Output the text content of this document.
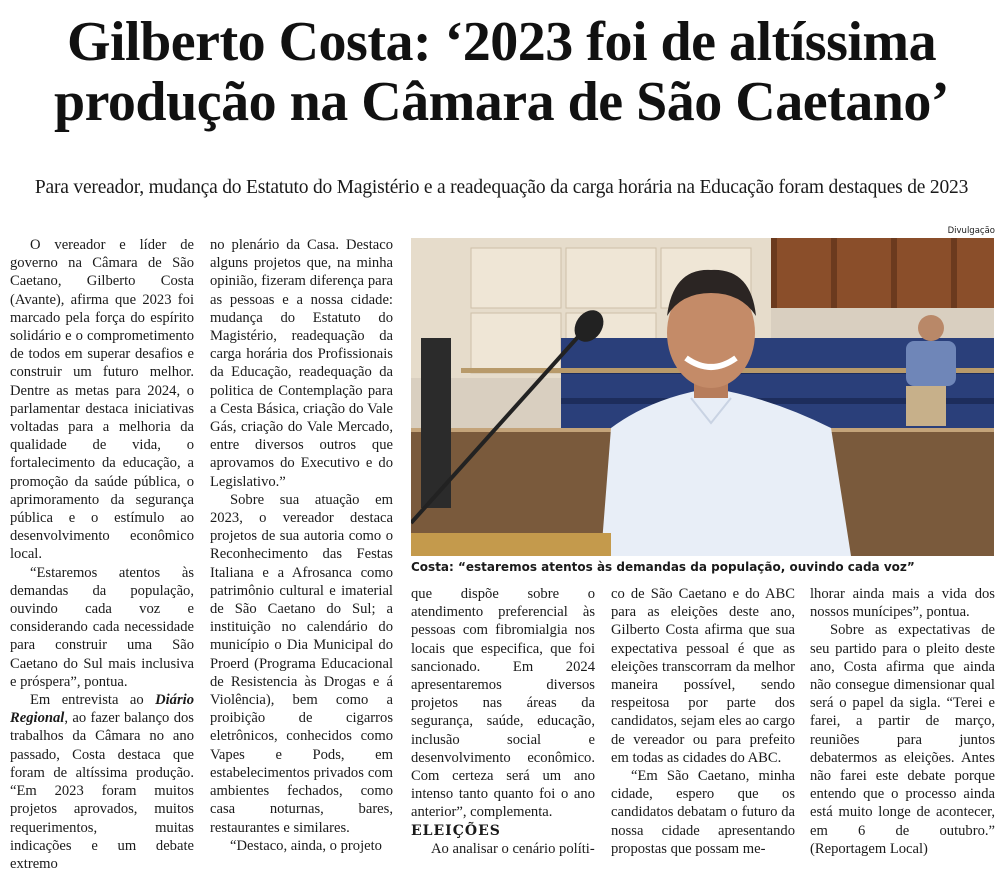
Gilberto Costa: ‘2023 foi de altíssima
produção na Câmara de São Caetano’
Para vereador, mudança do Estatuto do Magistério e a readequação da carga horária na Educação foram destaques de 2023
Divulgação
Costa: “estaremos atentos às demandas da população, ouvindo cada voz”

O vereador e líder de governo na Câmara de São Caetano, Gilberto Costa (Avante), afirma que 2023 foi marcado pela força do espírito solidário e o comprometimento de todos em superar desafios e construir um futuro melhor. Dentre as metas para 2024, o parlamentar destaca iniciativas voltadas para a melhoria da qualidade de vida, o fortalecimento da educação, a promoção da saúde pública, o aprimoramento da segurança pública e o estímulo ao desenvolvimento econômico local.

“Estaremos atentos às demandas da população, ouvindo cada voz e considerando cada necessidade para construir uma São Caetano do Sul mais inclusiva e próspera”, pontua.

Em entrevista ao Diário Regional, ao fazer balanço dos trabalhos da Câmara no ano passado, Costa destaca que foram de altíssima produção. “Em 2023 foram muitos projetos aprovados, muitos requerimentos, muitas indicações e um debate extremo

no plenário da Casa. Destaco alguns projetos que, na minha opinião, fizeram diferença para as pessoas e a nossa cidade: mudança do Estatuto do Magistério, readequação da carga horária dos Profissionais da Educação, readequação da politica de Contemplação para a Cesta Básica, criação do Vale Gás, criação do Vale Mercado, entre diversos outros que aprovamos do Executivo e do Legislativo.”

Sobre sua atuação em 2023, o vereador destaca projetos de sua autoria como o Reconhecimento das Festas Italiana e a Afrosanca como patrimônio cultural e imaterial de São Caetano do Sul; a instituição no calendário do município o Dia Municipal do Proerd (Programa Educacional de Resistencia às Drogas e á Violência), bem como a proibição de cigarros eletrônicos, conhecidos como Vapes e Pods, em estabelecimentos privados com ambientes fechados, como casa noturnas, bares, restaurantes e similares.

“Destaco, ainda, o projeto

que dispõe sobre o atendimento preferencial às pessoas com fibromialgia nos locais que especifica, que foi sancionado. Em 2024 apresentaremos diversos projetos nas áreas da segurança, saúde, educação, inclusão social e desenvolvimento econômico. Com certeza será um ano intenso tanto quanto foi o ano anterior”, complementa.

ELEIÇÕES

Ao analisar o cenário políti-

co de São Caetano e do ABC para as eleições deste ano, Gilberto Costa afirma que sua expectativa pessoal é que as eleições transcorram da melhor maneira possível, sendo respeitosa por parte dos candidatos, sejam eles ao cargo de vereador ou para prefeito em todas as cidades do ABC.

“Em São Caetano, minha cidade, espero que os candidatos debatam o futuro da nossa cidade apresentando propostas que possam me-

lhorar ainda mais a vida dos nossos munícipes”, pontua.

Sobre as expectativas de seu partido para o pleito deste ano, Costa afirma que ainda não consegue dimensionar qual será o papel da sigla. “Terei e farei, a partir de março, reuniões para juntos debatermos as eleições. Antes não farei este debate porque entendo que o processo ainda está muito longe de acontecer, em 6 de outubro.” (Reportagem Local)
